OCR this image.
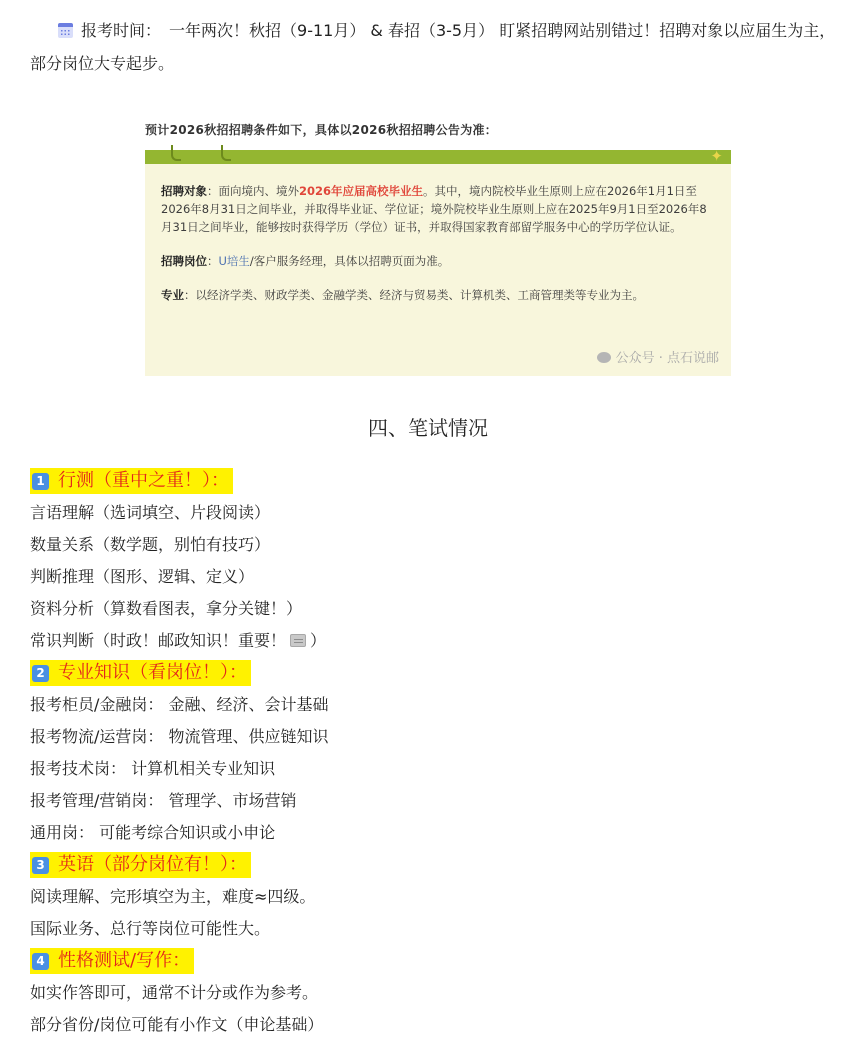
报考时间： 一年两次！秋招（9-11月） & 春招（3-5月） 盯紧招聘网站别错过！招聘对象以应届生为主，部分岗位大专起步。
预计2026秋招招聘条件如下，具体以2026秋招招聘公告为准：
✦

招聘对象：面向境内、境外2026年应届高校毕业生。其中，境内院校毕业生原则上应在2026年1月1日至2026年8月31日之间毕业，并取得毕业证、学位证；境外院校毕业生原则上应在2025年9月1日至2026年8月31日之间毕业，能够按时获得学历（学位）证书，并取得国家教育部留学服务中心的学历学位认证。

招聘岗位：U培生/客户服务经理，具体以招聘页面为准。

专业：以经济学类、财政学类、金融学类、经济与贸易类、计算机类、工商管理类等专业为主。

公众号 · 点石说邮
四、笔试情况
1 行测（重中之重！）：
言语理解（选词填空、片段阅读）
数量关系（数学题，别怕有技巧）
判断推理（图形、逻辑、定义）
资料分析（算数看图表，拿分关键！）
常识判断（时政！邮政知识！重要！ ）
2 专业知识（看岗位！）：
报考柜员/金融岗： 金融、经济、会计基础
报考物流/运营岗： 物流管理、供应链知识
报考技术岗： 计算机相关专业知识
报考管理/营销岗： 管理学、市场营销
通用岗： 可能考综合知识或小申论
3 英语（部分岗位有！）：
阅读理解、完形填空为主，难度≈四级。
国际业务、总行等岗位可能性大。
4 性格测试/写作：
如实作答即可，通常不计分或作为参考。
部分省份/岗位可能有小作文（申论基础）
